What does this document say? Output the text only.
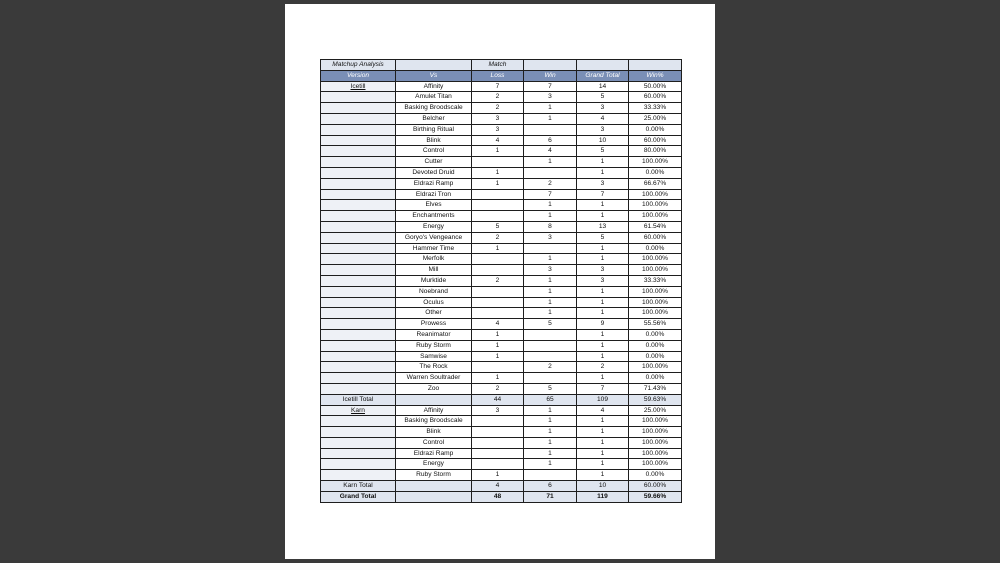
Matchup Analysis		Match			
Version	Vs	Loss	Win	Grand Total	Win%
Icetill	Affinity	7	7	14	50.00%
	Amulet Titan	2	3	5	60.00%
	Basking Broodscale	2	1	3	33.33%
	Belcher	3	1	4	25.00%
	Birthing Ritual	3		3	0.00%
	Blink	4	6	10	60.00%
	Control	1	4	5	80.00%
	Cutter		1	1	100.00%
	Devoted Druid	1		1	0.00%
	Eldrazi Ramp	1	2	3	66.67%
	Eldrazi Tron		7	7	100.00%
	Elves		1	1	100.00%
	Enchantments		1	1	100.00%
	Energy	5	8	13	61.54%
	Goryo's Vengeance	2	3	5	60.00%
	Hammer Time	1		1	0.00%
	Merfolk		1	1	100.00%
	Mill		3	3	100.00%
	Murktide	2	1	3	33.33%
	Noebrand		1	1	100.00%
	Oculus		1	1	100.00%
	Other		1	1	100.00%
	Prowess	4	5	9	55.56%
	Reanimator	1		1	0.00%
	Ruby Storm	1		1	0.00%
	Samwise	1		1	0.00%
	The Rock		2	2	100.00%
	Warren Soultrader	1		1	0.00%
	Zoo	2	5	7	71.43%
Icetill Total		44	65	109	59.63%
Karn	Affinity	3	1	4	25.00%
	Basking Broodscale		1	1	100.00%
	Blink		1	1	100.00%
	Control		1	1	100.00%
	Eldrazi Ramp		1	1	100.00%
	Energy		1	1	100.00%
	Ruby Storm	1		1	0.00%
Karn Total		4	6	10	60.00%
Grand Total		48	71	119	59.66%
